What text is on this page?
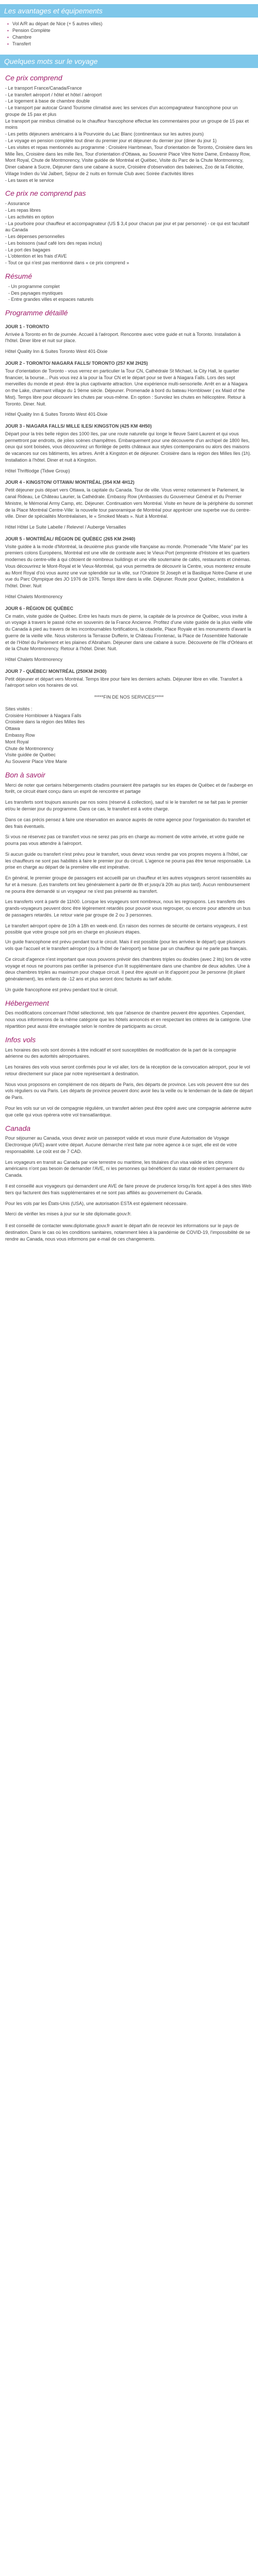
Les avantages et équipements
▪ Vol A/R au départ de Nice (+ 5 autres villes)
▪ Pension Complète
▪ Chambre
▪ Transfert
Quelques mots sur le voyage
Ce prix comprend

- Le transport France/Canada/France

- Le transfert aéroport / hôtel et hôtel / aéroport

- Le logement à base de chambre double

- Le transport par autocar Grand Tourisme climatisé avec les services d'un accompagnateur francophone pour un groupe de 15 pax et plus

Le transport par minibus climatisé ou le chauffeur francophone effectue les commentaires pour un groupe de 15 pax et moins

- Les petits déjeuners américains à la Pourvoirie du Lac Blanc (continentaux sur les autres jours)

- Le voyage en pension complète tout diner du premier jour et déjeuner du dernier jour (diner du jour 1)

- Les visites et repas mentionnés au programme : Croisière Harrbmean, Tour d'orientation de Toronto, Croisière dans les Mille Îles, Croisière dans les mille îles, Tour d'orientation d'Ottawa, au Souvenir Place Vitre Notre Dame, Embassy Row, Mont Royal, Chute de Montmorency, Visite guidée de Montréal et Québec, Visite du Parc de la Chute Montmorency, Diner cabane à Sucre, Déjeuner dans une cabane à sucre, Croisière d'observation des baleines, Zoo de la Félicitée, Village Indien du Val Jalbert, Séjour de 2 nuits en formule Club avec Soirée d'activités libres

- Les taxes et le service

Ce prix ne comprend pas

- Assurance

- Les repas libres

- Les activités en option

- La pourboire pour chauffeur et accompagnateur (US $ 3,4 pour chacun par jour et par personne) - ce qui est facultatif au Canada

- Les dépenses personnelles

- Les boissons (sauf café lors des repas inclus)

- Le port des bagages

- L'obtention et les frais d'AVE

- Tout ce qui n'est pas mentionné dans « ce prix comprend »

Résumé
- Un programme complet
- Des paysages mystiques
- Entre grandes villes et espaces naturels
Programme détaillé
JOUR 1 - TORONTO

Arrivée à Toronto en fin de journée. Accueil à l'aéroport. Rencontre avec votre guide et nuit à Toronto. Installation à l'hôtel. Diner libre et nuit sur place.

Hôtel Quality Inn & Suites Toronto West 401-Dixie

JOUR 2 - TORONTO/ NIAGARA FALLS/ TORONTO (257 KM 2H25)

Tour d'orientation de Toronto - vous verrez en particulier la Tour CN, Cathédrale St Michael, la City Hall, le quartier financier, la bourse... Puis vous irez à la pour la Tour CN et le départ pour se tiver à Niagara Falls. Lors des sept merveilles du monde et peut- être la plus captivante attraction. Une expérience multi-sensorielle. Arrêt en ar à Niagara on the Lake, charmant village du 1 9ème siècle. Déjeuner. Promenade à bord du bateau Hornblower ( ex Maid of the Mist). Temps libre pour découvrir les chutes par vous-même. En option : Survolez les chutes en hélicoptère. Retour à Toronto. Diner. Nuit.

Hôtel Quality Inn & Suites Toronto West 401-Dixie

JOUR 3 - NIAGARA FALLS/ MILLE ILES/ KINGSTON (425 KM 4H50)

Départ pour la très belle région des 1000 Iles, par une route naturelle qui longe le fleuve Saint-Laurent et qui vous permettront par endroits, de jolies scènes champêtres. Embarquement pour une découverte d'un archipel de 1800 îles, ceux qui sont boisées, vous découvrirez un florilège de petits châteaux aux styles contemporains ou alors des maisons de vacances sur ces bâtiments, les arbres. Arrêt à Kingston et de déjeuner. Croisière dans la région des Milles Iles (1h). Installation à l'hôtel. Diner et nuit à Kingston.

Hôtel Thriftlodge (Tidwe Group)

JOUR 4 - KINGSTON/ OTTAWA/ MONTRÉAL (354 KM 4H12)

Petit déjeuner puis départ vers Ottawa, la capitale du Canada. Tour de ville. Vous verrez notamment le Parlement, le canal Rideau, Le Château Laurier, la Cathédrale. Embassy Row (Ambassies du Gouverneur Général et du Premier Ministre, le Mémorial Army Camp, etc. Déjeuner. Continuation vers Montréal. Visite en heure de la périphérie du sommet de la Place Montréal Centre-Ville: la nouvelle tour panoramique de Montréal pour apprécier une superbe vue du centre-ville. Diner de spécialités Montréalaises, le « Smoked Meats ». Nuit à Montréal.

Hôtel Hôtel Le Suite Labelle / Relevrel / Auberge Versailles

JOUR 5 - MONTRÉAL/ RÉGION DE QUÉBEC (265 KM 2H40)

Visite guidée à la mode d'Montréal, la deuxième plus grande ville française au monde. Promenade "Vite Marie" par les premiers colons Européens, Montréal est une ville de contraste avec le Vieux-Port (empreinte d'Histoire et les quartiers modernes du centre-ville à qui côtoient de nombreux buildings et une ville souterraine de cafés, restaurants et cinémas. Vous découvrirez le Mont-Royal et le Vieux-Montréal, qui vous permettra de découvrir la Centre, vous monterez ensuite au Mont Royal d'où vous aurez une vue splendide sur la ville, sur l'Oratoire St Joseph et la Basilique Notre-Dame et une vue du Parc Olympique des JO 1976 de 1976. Temps libre dans la ville. Déjeuner. Route pour Québec, installation à l'hôtel. Diner. Nuit

Hôtel Chalets Montmorency

JOUR 6 - RÉGION DE QUÉBEC

Ce matin, visite guidée de Québec. Entre les hauts murs de pierre, la capitale de la province de Québec, vous invite à un voyage à travers le passé riche en souvenirs de la France Ancienne. Profitez d'une visite guidée de la plus vieille ville du Canada à pied au travers de les incontournables fortifications, la citadelle, Place Royale et les monuments d'avant la guerre de la vieille ville. Nous visiterons la Terrasse Dufferin, le Château Frontenac, la Place de l'Assemblée Nationale et de l'Hôtel du Parlement et les plaines d'Abraham. Déjeuner dans une cabane à sucre. Découverte de l'île d'Orléans et de la Chute Montmorency. Retour à l'hôtel. Diner. Nuit.

Hôtel Chalets Montmorency

JOUR 7 - QUÉBEC/ MONTRÉAL (250KM 2H30)

Petit déjeuner et départ vers Montréal. Temps libre pour faire les derniers achats. Déjeuner libre en ville. Transfert à l'aéroport selon vos horaires de vol.

*****FIN DE NOS SERVICES*****

Sites visités :

Croisière Hornblower à Niagara Falls

Croisière dans la région des Milles Iles

Ottawa

Embassy Row

Mont Royal

Chute de Montmorency

Visite guidée de Québec

Au Souvenir Place Vitre Marie

Bon à savoir

Merci de noter que certains hébergements citadins pourraient être partagés sur les étapes de Québec et de l'auberge en forêt, ce circuit étant conçu dans un esprit de rencontre et partage

Les transferts sont toujours assurés par nos soins (réservé & collection), sauf si le le transfert ne se fait pas le premier et/ou le dernier jour du programme. Dans ce cas, le transfert est à votre charge.

Dans ce cas précis pensez à faire une réservation en avance auprès de notre agence pour l'organisation du transfert et des frais éventuels.

Si vous ne réservez pas ce transfert vous ne serez pas pris en charge au moment de votre arrivée, et votre guide ne pourra pas vous attendre à l'aéroport.

Si aucun guide ou transfert n'est prévu pour le transfert, vous devez vous rendre par vos propres moyens à l'hôtel, car les chauffeurs ne sont pas habilités à faire le premier jour du circuit. L'agence ne pourra pas être tenue responsable. La prise en charge au départ de la première ville est impérative.

En général, le premier groupe de passagers est accueilli par un chauffeur et les autres voyageurs seront rassemblés au fur et à mesure. (Les transferts ont lieu généralement à partir de 8h et jusqu'à 20h au plus tard). Aucun remboursement ne pourra être demandé si un voyageur ne s'est pas présenté au transfert.

Les transferts vont à partir de 11h00. Lorsque les voyageurs sont nombreux, nous les regroupons. Les transferts des grands-voyageurs peuvent donc être légèrement retardés pour pouvoir vous regrouper, ou encore pour attendre un bus de passagers retardés. Le retour varie par groupe de 2 ou 3 personnes.

Le transfert aéroport opère de 10h à 18h en week-end. En raison des normes de sécurité de certains voyageurs, il est possible que votre groupe soit pris en charge en plusieurs étapes.

Un guide francophone est prévu pendant tout le circuit. Mais il est possible (pour les arrivées le départ) que plusieurs vols que l'accueil et le transfert aéroport (ou à l'hôtel de l'aéroport) se fasse par un chauffeur qui ne parle pas français.

Ce circuit d'agence n'est important que nous pouvons prévoir des chambres triples ou doubles (avec 2 lits) lors de votre voyage et nous ne pourrons pas certifier la présence d'un lit supplémentaire dans une chambre de deux adultes. Une à deux chambres triples au maximum pour chaque circuit. Il peut être ajouté un lit d'appoint pour 3e personne (lit pliant généralement), les enfants de -12 ans et plus seront donc facturés au tarif adulte.

Un guide francophone est prévu pendant tout le circuit.

Hébergement

Des modifications concernant l'hôtel sélectionné, tels que l'absence de chambre peuvent être apportées. Cependant, nous vous informerons de la même catégorie que les hôtels annoncés et en respectant les critères de la catégorie. Une répartition peut aussi être envisagée selon le nombre de participants au circuit.

Infos vols

Les horaires des vols sont donnés à titre indicatif et sont susceptibles de modification de la part de la compagnie aérienne ou des autorités aéroportuaires.

Les horaires des vols vous seront confirmés pour le vol aller, lors de la réception de la convocation aéroport, pour le vol retour directement sur place par notre représentant à destination.

Nous vous proposons en complément de nos départs de Paris, des départs de province. Les vols peuvent être sur des vols réguliers ou via Paris. Les départs de province peuvent donc avoir lieu la veille ou le lendemain de la date de départ de Paris.

Pour les vols sur un vol de compagnie régulière, un transfert aérien peut être opéré avec une compagnie aérienne autre que celle qui vous opérera votre vol transatlantique.

Canada

Pour séjourner au Canada, vous devez avoir un passeport valide et vous munir d'une Autorisation de Voyage Electronique (AVE) avant votre départ. Aucune démarche n'est faite par notre agence à ce sujet, elle est de votre responsabilité. Le coût est de 7 CAD.

Les voyageurs en transit au Canada par voie terrestre ou maritime, les titulaires d'un visa valide et les citoyens américains n'ont pas besoin de demander l'AVE, ni les personnes qui bénéficient du statut de résident permanent du Canada.

Il est conseillé aux voyageurs qui demandent une AVE de faire preuve de prudence lorsqu'ils font appel à des sites Web tiers qui facturent des frais supplémentaires et ne sont pas affiliés au gouvernement du Canada.

Pour les vols par les États-Unis (USA), une autorisation ESTA est également nécessaire.

Merci de vérifier les mises à jour sur le site diplomatie.gouv.fr.

Il est conseillé de contacter www.diplomatie.gouv.fr avant le départ afin de recevoir les informations sur le pays de destination. Dans le cas où les conditions sanitaires, notamment liées à la pandémie de COVID-19, l'impossibilité de se rendre au Canada, nous vous informons par e-mail de ces changements.
